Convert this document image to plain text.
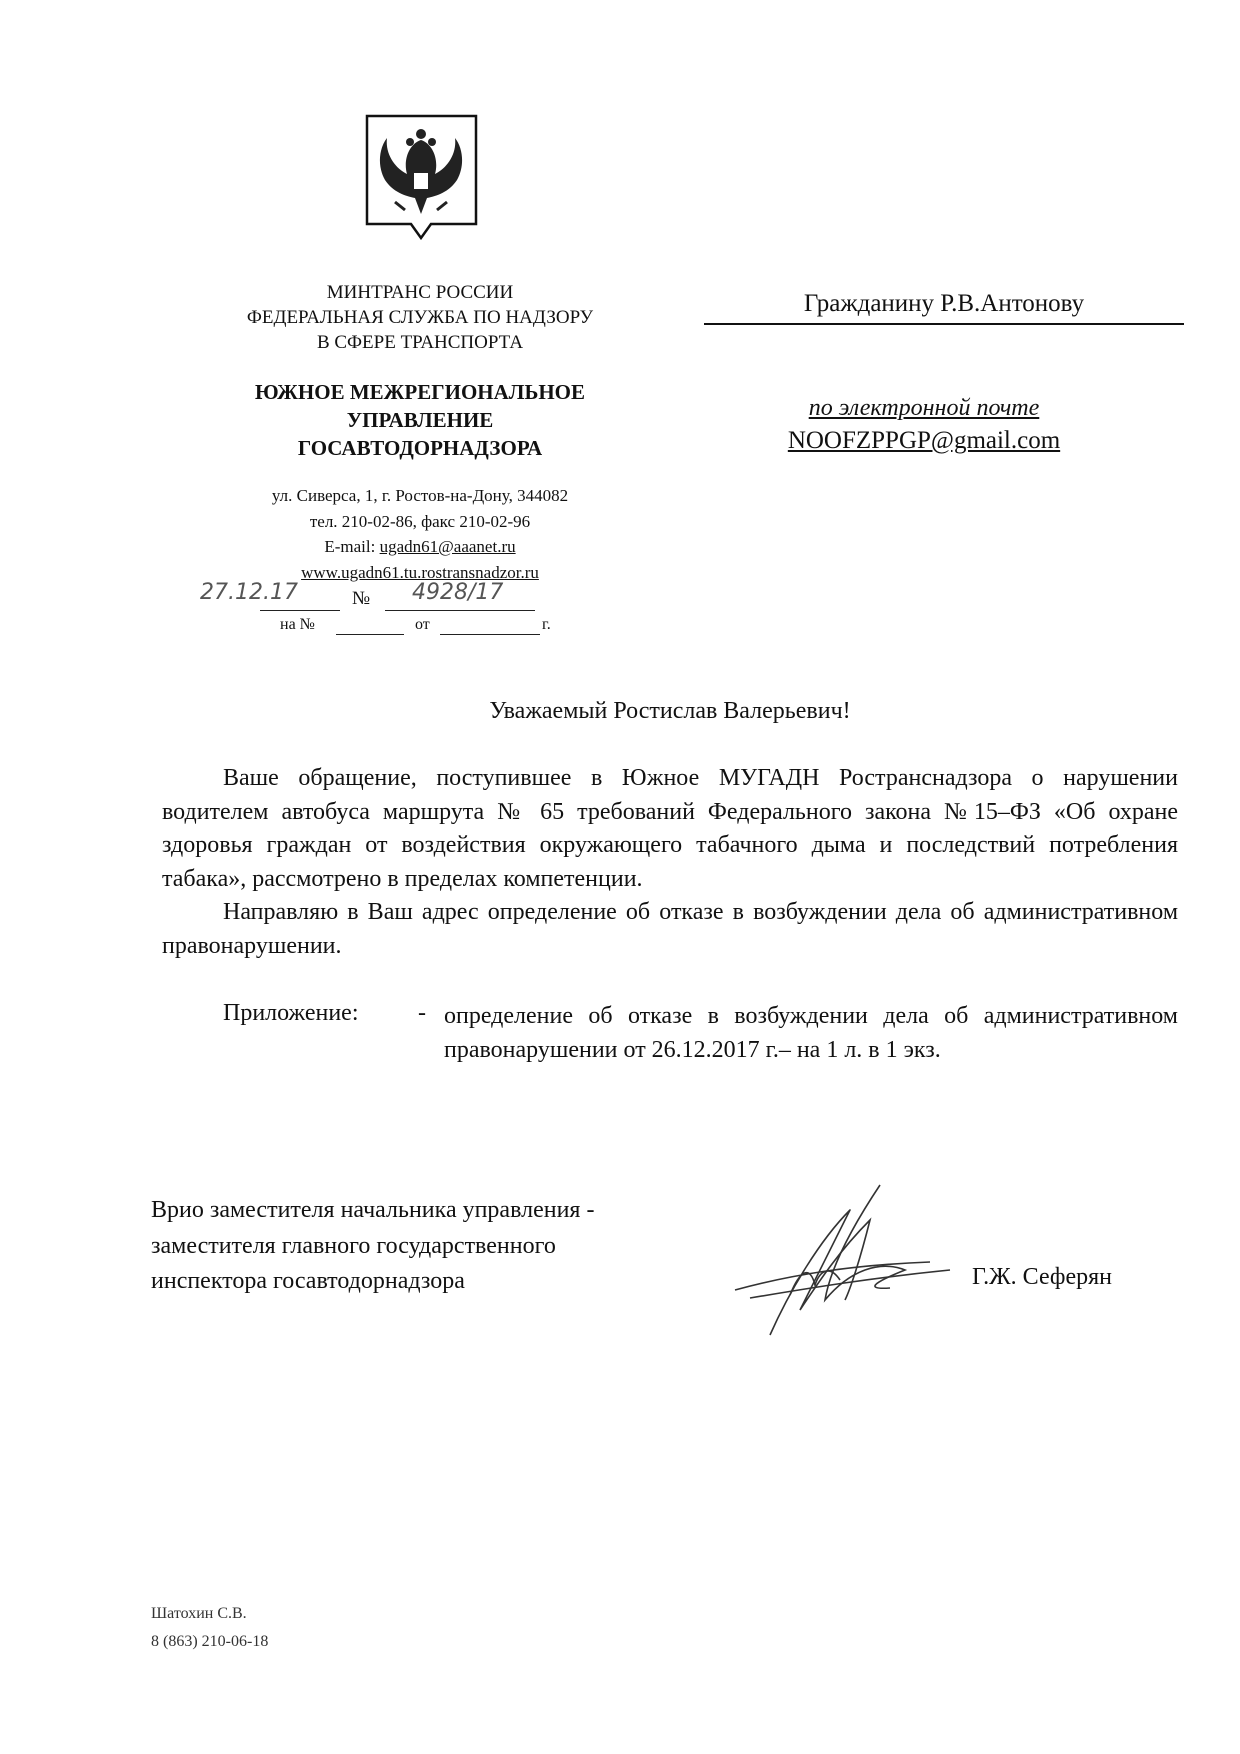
МИНТРАНС РОССИИ
ФЕДЕРАЛЬНАЯ СЛУЖБА ПО НАДЗОРУ
В СФЕРЕ ТРАНСПОРТА
ЮЖНОЕ МЕЖРЕГИОНАЛЬНОЕ
УПРАВЛЕНИЕ
ГОСАВТОДОРНАДЗОРА
ул. Сиверса, 1, г. Ростов-на-Дону, 344082
тел. 210-02-86, факс 210-02-96
E-mail: ugadn61@aaanet.ru
www.ugadn61.tu.rostransnadzor.ru
27.12.17	№ 4928/17
на №	от	г.
Гражданину Р.В.Антонову
по электронной почте
NOOFZPPGP@gmail.com
Уважаемый Ростислав Валерьевич!
Ваше обращение, поступившее в Южное МУГАДН Ространснадзора о нарушении водителем автобуса маршрута № 65 требований Федерального закона №15–ФЗ «Об охране здоровья граждан от воздействия окружающего табачного дыма и последствий потребления табака», рассмотрено в пределах компетенции.
Направляю в Ваш адрес определение об отказе в возбуждении дела об административном правонарушении.
Приложение: - определение об отказе в возбуждении дела об административном правонарушении от 26.12.2017 г.– на 1 л. в 1 экз.
Врио заместителя начальника управления -
заместителя главного государственного
инспектора госавтодорнадзора	Г.Ж. Сеферян
Шатохин С.В.
8 (863) 210-06-18
